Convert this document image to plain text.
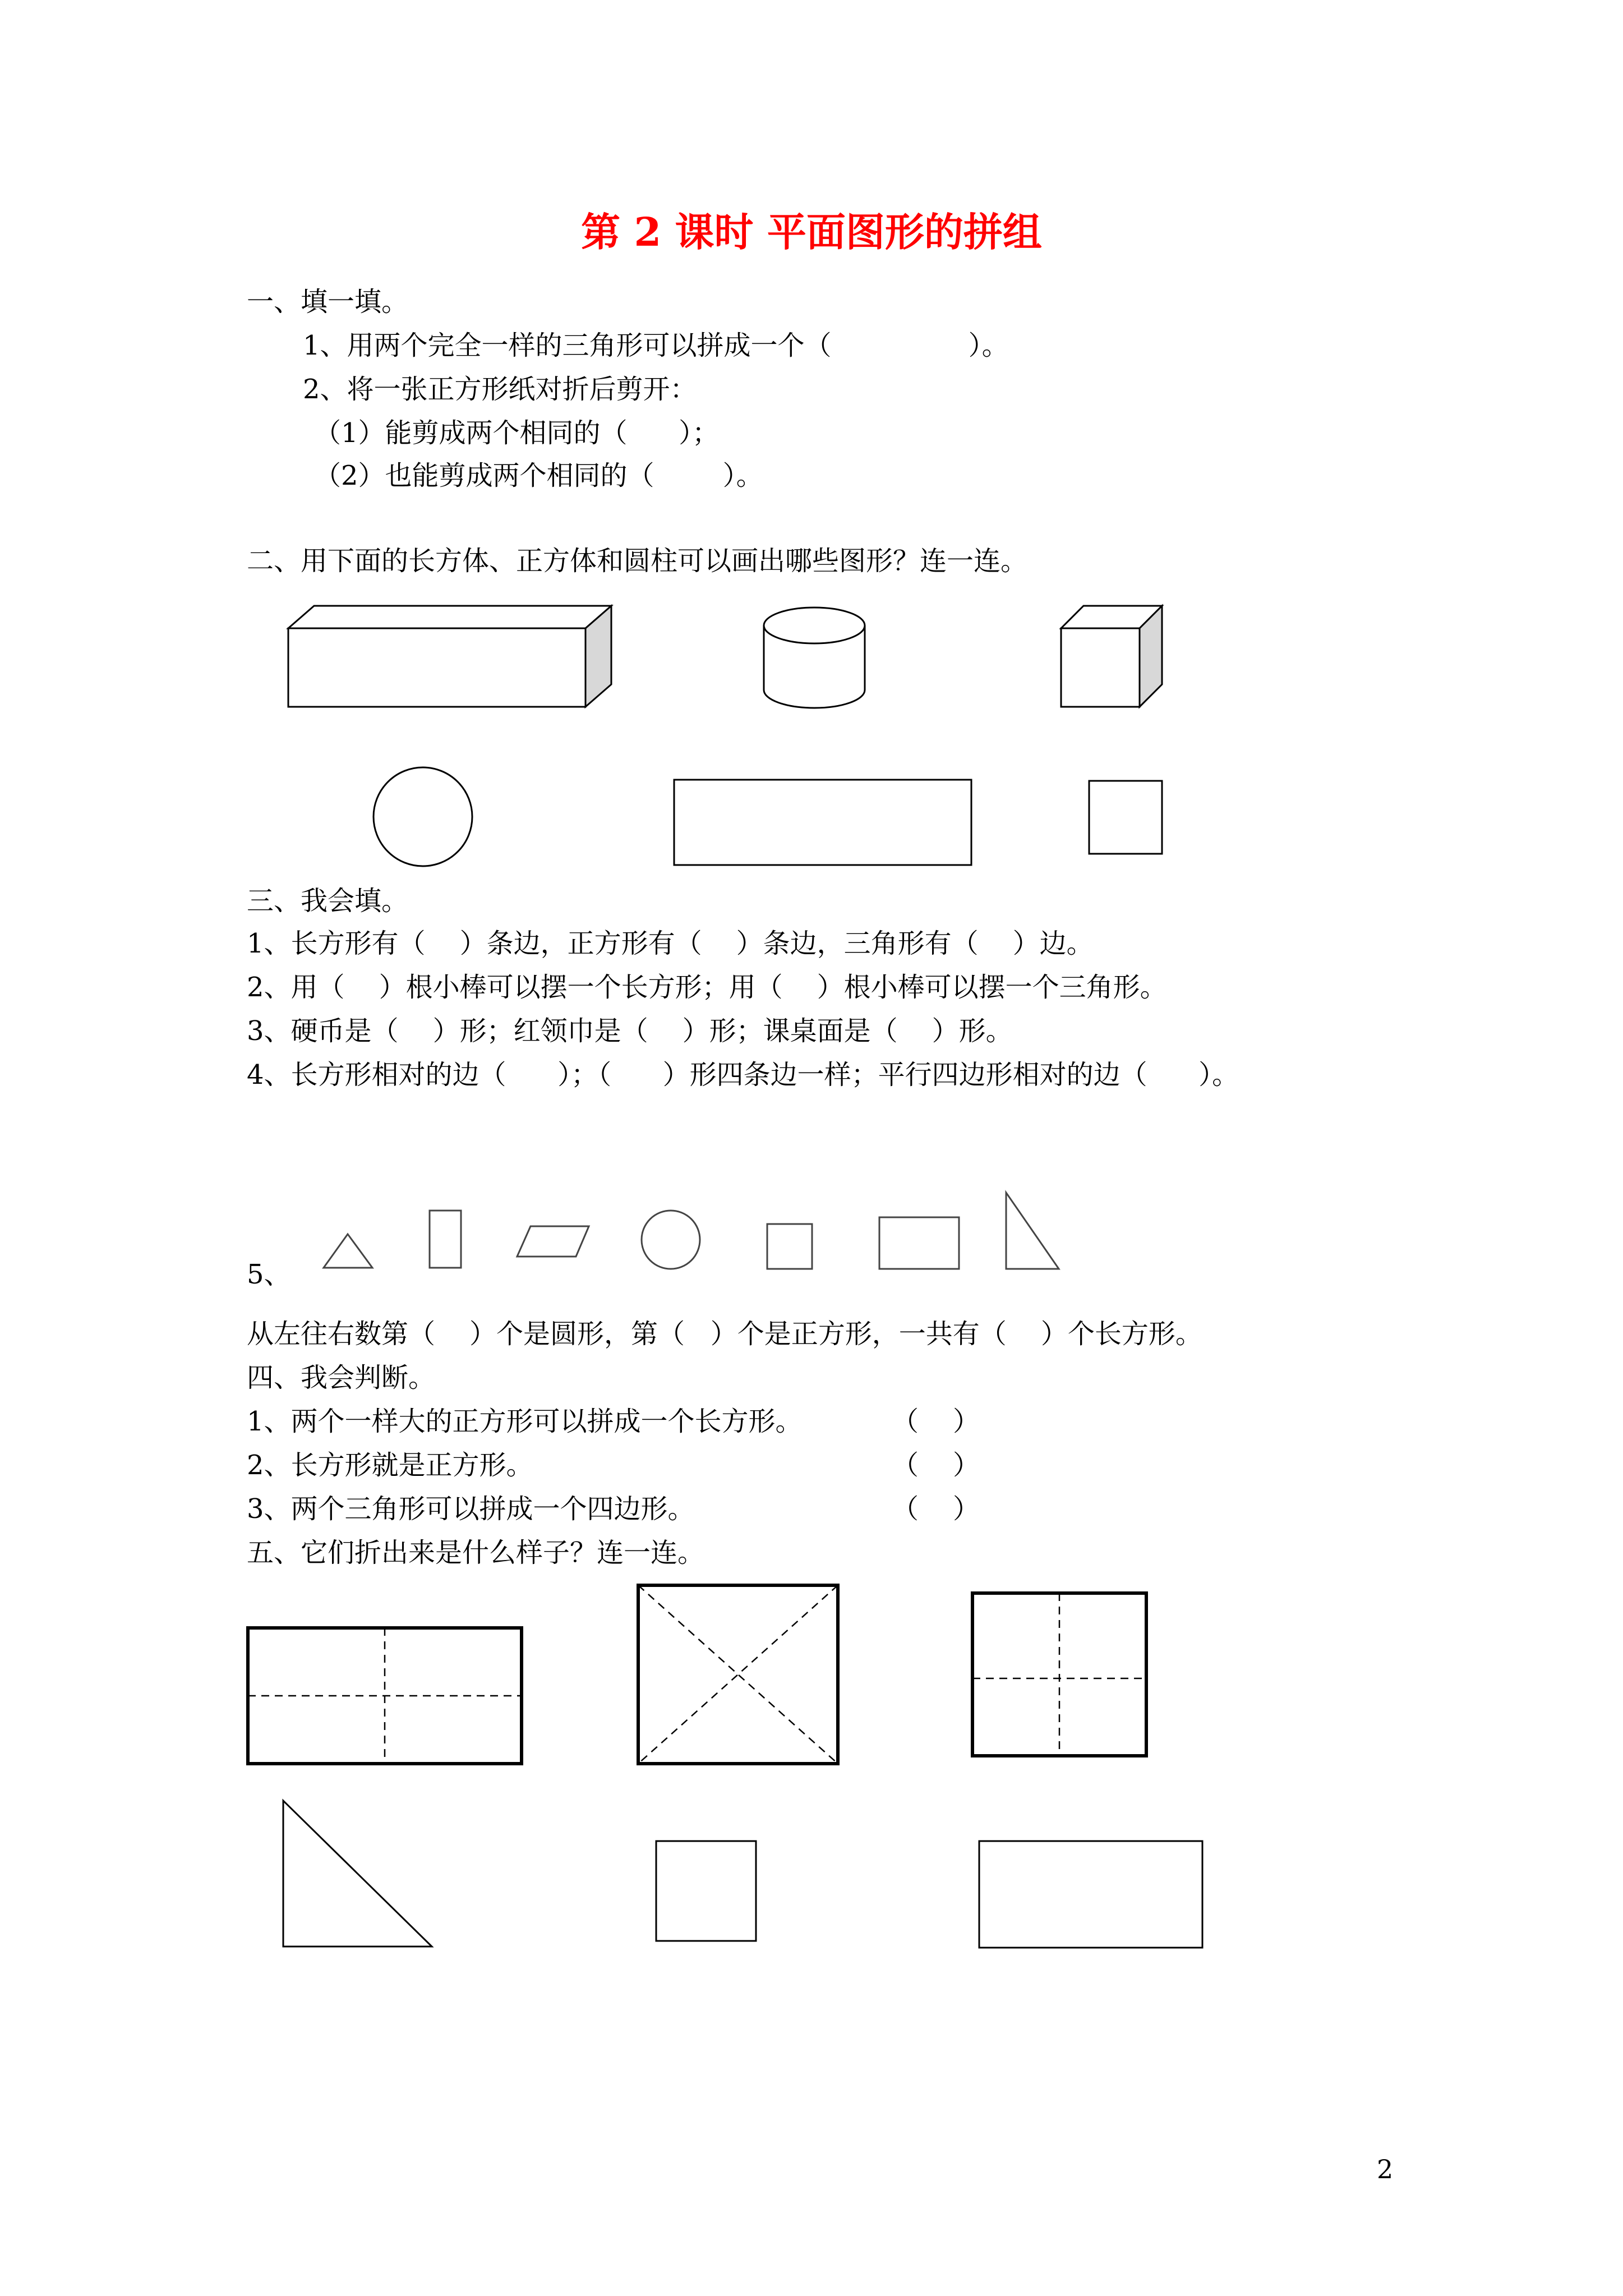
第 2 课时 平面图形的拼组
一、填一填。
1、用两个完全一样的三角形可以拼成一个（                ）。
2、将一张正方形纸对折后剪开：
（1）能剪成两个相同的（      ）；
（2）也能剪成两个相同的（        ）。
二、用下面的长方体、正方体和圆柱可以画出哪些图形？连一连。
三、我会填。
1、长方形有（    ）条边，正方形有（    ）条边，三角形有（    ）边。
2、用（    ）根小棒可以摆一个长方形；用（    ）根小棒可以摆一个三角形。
3、硬币是（    ）形；红领巾是（    ）形；课桌面是（    ）形。
4、长方形相对的边（      ）；（      ）形四条边一样；平行四边形相对的边（      ）。
5、
从左往右数第（    ）个是圆形，第（   ）个是正方形，一共有（    ）个长方形。
四、我会判断。
1、两个一样大的正方形可以拼成一个长方形。	（    ）
2、长方形就是正方形。	（    ）
3、两个三角形可以拼成一个四边形。	（    ）
五、它们折出来是什么样子？连一连。
2
